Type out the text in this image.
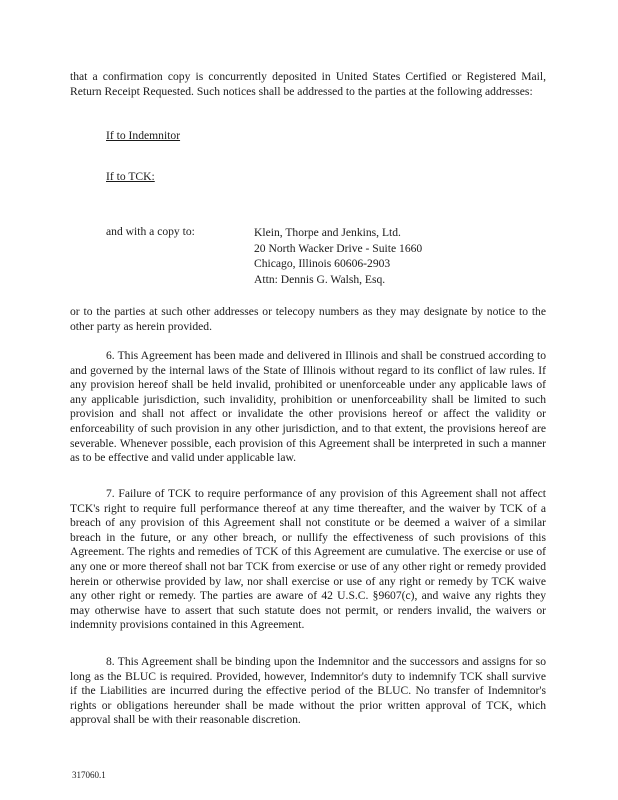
that a confirmation copy is concurrently deposited in United States Certified or Registered Mail, Return Receipt Requested. Such notices shall be addressed to the parties at the following addresses:
If to Indemnitor
If to TCK:
and with a copy to:	Klein, Thorpe and Jenkins, Ltd.
20 North Wacker Drive - Suite 1660
Chicago, Illinois 60606-2903
Attn: Dennis G. Walsh, Esq.
or to the parties at such other addresses or telecopy numbers as they may designate by notice to the other party as herein provided.
6. This Agreement has been made and delivered in Illinois and shall be construed according to and governed by the internal laws of the State of Illinois without regard to its conflict of law rules. If any provision hereof shall be held invalid, prohibited or unenforceable under any applicable laws of any applicable jurisdiction, such invalidity, prohibition or unenforceability shall be limited to such provision and shall not affect or invalidate the other provisions hereof or affect the validity or enforceability of such provision in any other jurisdiction, and to that extent, the provisions hereof are severable. Whenever possible, each provision of this Agreement shall be interpreted in such a manner as to be effective and valid under applicable law.
7. Failure of TCK to require performance of any provision of this Agreement shall not affect TCK's right to require full performance thereof at any time thereafter, and the waiver by TCK of a breach of any provision of this Agreement shall not constitute or be deemed a waiver of a similar breach in the future, or any other breach, or nullify the effectiveness of such provisions of this Agreement. The rights and remedies of TCK of this Agreement are cumulative. The exercise or use of any one or more thereof shall not bar TCK from exercise or use of any other right or remedy provided herein or otherwise provided by law, nor shall exercise or use of any right or remedy by TCK waive any other right or remedy. The parties are aware of 42 U.S.C. §9607(c), and waive any rights they may otherwise have to assert that such statute does not permit, or renders invalid, the waivers or indemnity provisions contained in this Agreement.
8. This Agreement shall be binding upon the Indemnitor and the successors and assigns for so long as the BLUC is required. Provided, however, Indemnitor's duty to indemnify TCK shall survive if the Liabilities are incurred during the effective period of the BLUC. No transfer of Indemnitor's rights or obligations hereunder shall be made without the prior written approval of TCK, which approval shall be with their reasonable discretion.
317060.1
